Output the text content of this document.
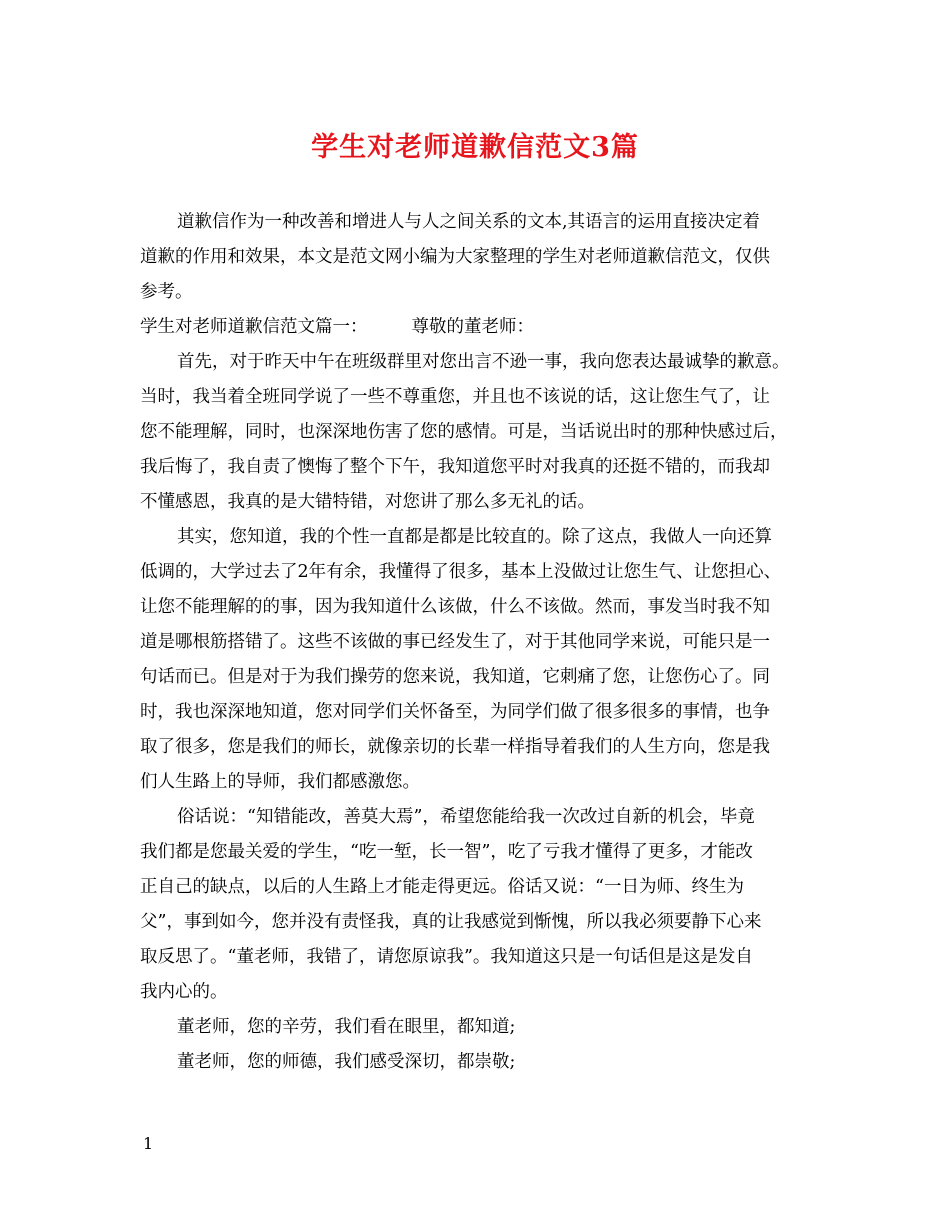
学生对老师道歉信范文3篇
道歉信作为一种改善和增进人与人之间关系的文本,其语言的运用直接决定着
道歉的作用和效果，本文是范文网小编为大家整理的学生对老师道歉信范文，仅供
参考。
学生对老师道歉信范文篇一：	尊敬的董老师：
首先，对于昨天中午在班级群里对您出言不逊一事，我向您表达最诚挚的歉意。
当时，我当着全班同学说了一些不尊重您，并且也不该说的话，这让您生气了，让
您不能理解，同时，也深深地伤害了您的感情。可是，当话说出时的那种快感过后，
我后悔了，我自责了懊悔了整个下午，我知道您平时对我真的还挺不错的，而我却
不懂感恩，我真的是大错特错，对您讲了那么多无礼的话。
其实，您知道，我的个性一直都是都是比较直的。除了这点，我做人一向还算
低调的，大学过去了2年有余，我懂得了很多，基本上没做过让您生气、让您担心、
让您不能理解的的事，因为我知道什么该做，什么不该做。然而，事发当时我不知
道是哪根筋搭错了。这些不该做的事已经发生了，对于其他同学来说，可能只是一
句话而已。但是对于为我们操劳的您来说，我知道，它刺痛了您，让您伤心了。同
时，我也深深地知道，您对同学们关怀备至，为同学们做了很多很多的事情，也争
取了很多，您是我们的师长，就像亲切的长辈一样指导着我们的人生方向，您是我
们人生路上的导师，我们都感激您。
俗话说：“知错能改，善莫大焉”，希望您能给我一次改过自新的机会，毕竟
我们都是您最关爱的学生，“吃一堑，长一智”，吃了亏我才懂得了更多，才能改
正自己的缺点，以后的人生路上才能走得更远。俗话又说：“一日为师、终生为
父”，事到如今，您并没有责怪我，真的让我感觉到惭愧，所以我必须要静下心来
取反思了。“董老师，我错了，请您原谅我”。我知道这只是一句话但是这是发自
我内心的。
董老师，您的辛劳，我们看在眼里，都知道;
董老师，您的师德，我们感受深切，都崇敬;
1
